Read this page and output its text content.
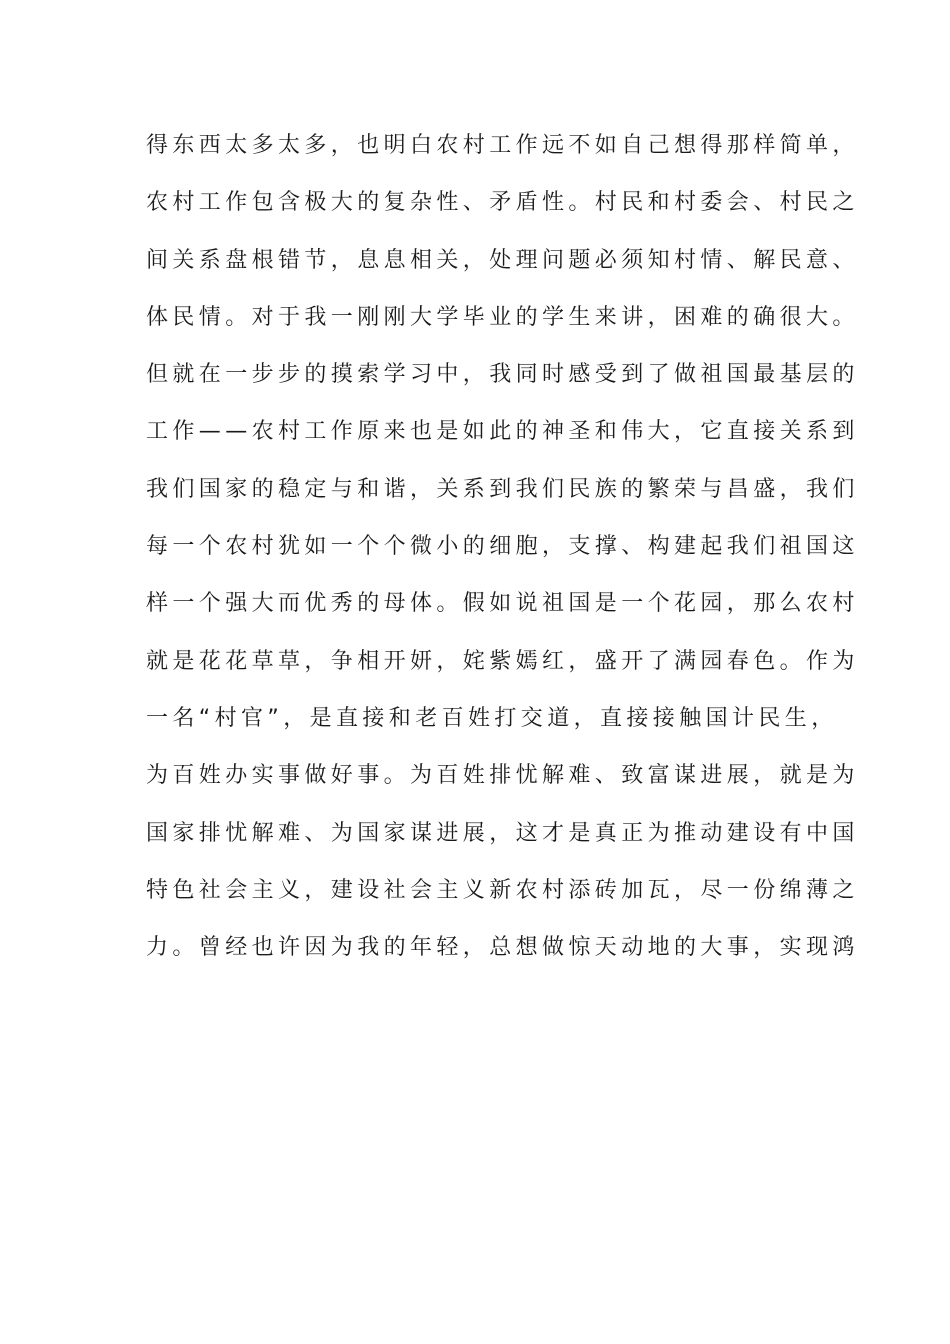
得东西太多太多，也明白农村工作远不如自己想得那样简单，
农村工作包含极大的复杂性、矛盾性。村民和村委会、村民之
间关系盘根错节，息息相关，处理问题必须知村情、解民意、
体民情。对于我一刚刚大学毕业的学生来讲，困难的确很大。
但就在一步步的摸索学习中，我同时感受到了做祖国最基层的
工作——农村工作原来也是如此的神圣和伟大，它直接关系到
我们国家的稳定与和谐，关系到我们民族的繁荣与昌盛，我们
每一个农村犹如一个个微小的细胞，支撑、构建起我们祖国这
样一个强大而优秀的母体。假如说祖国是一个花园，那么农村
就是花花草草，争相开妍，姹紫嫣红，盛开了满园春色。作为
一名“村官”，是直接和老百姓打交道，直接接触国计民生，
为百姓办实事做好事。为百姓排忧解难、致富谋进展，就是为
国家排忧解难、为国家谋进展，这才是真正为推动建设有中国
特色社会主义，建设社会主义新农村添砖加瓦，尽一份绵薄之
力。曾经也许因为我的年轻，总想做惊天动地的大事，实现鸿
